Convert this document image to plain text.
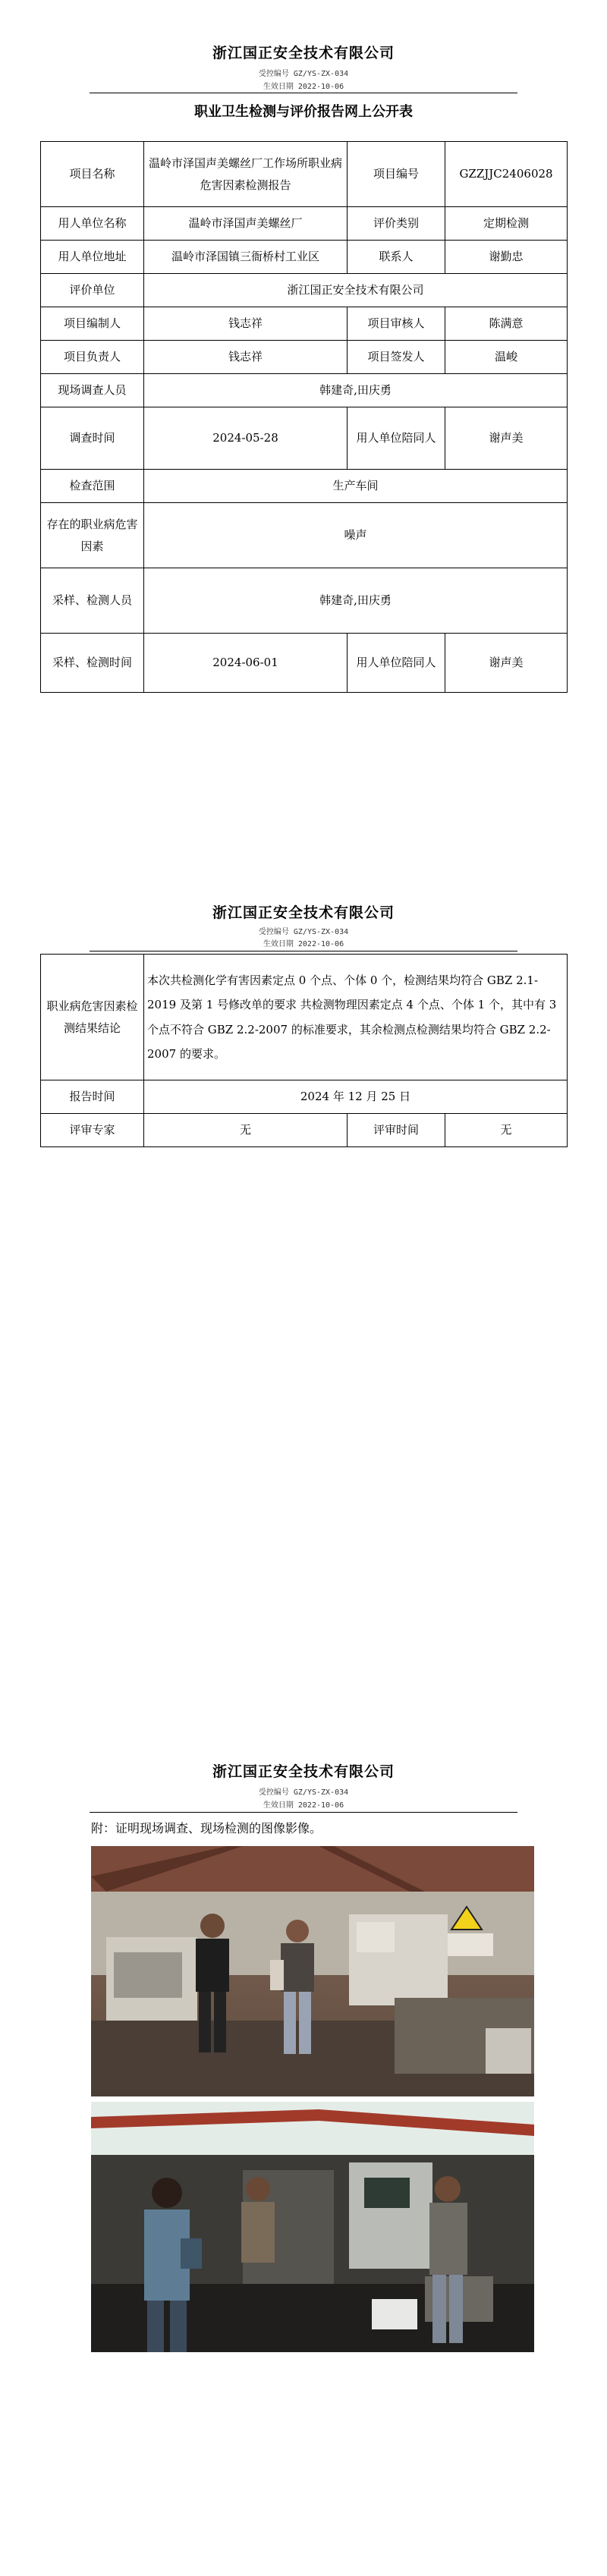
浙江国正安全技术有限公司
受控编号 GZ/YS-ZX-034
生效日期 2022-10-06
职业卫生检测与评价报告网上公开表
项目名称	温岭市泽国声美螺丝厂工作场所职业病危害因素检测报告	项目编号	GZZJJC2406028
用人单位名称	温岭市泽国声美螺丝厂	评价类别	定期检测
用人单位地址	温岭市泽国镇三衙桥村工业区	联系人	谢勤忠
评价单位	浙江国正安全技术有限公司		
项目编制人	钱志祥	项目审核人	陈满意
项目负责人	钱志祥	项目签发人	温峻
现场调查人员	韩建奇,田庆勇		
调查时间	2024-05-28	用人单位陪同人	谢声美
检查范围	生产车间		
存在的职业病危害因素	噪声		
采样、检测人员	韩建奇,田庆勇		
采样、检测时间	2024-06-01	用人单位陪同人	谢声美
浙江国正安全技术有限公司
受控编号 GZ/YS-ZX-034
生效日期 2022-10-06
职业病危害因素检测结果结论	本次共检测化学有害因素定点 0 个点、个体 0 个，检测结果均符合 GBZ 2.1-2019 及第 1 号修改单的要求 共检测物理因素定点 4 个点、个体 1 个，其中有 3 个点不符合 GBZ 2.2-2007 的标准要求，其余检测点检测结果均符合 GBZ 2.2-2007 的要求。		
报告时间	2024 年 12 月 25 日		
评审专家	无	评审时间	无
浙江国正安全技术有限公司
受控编号 GZ/YS-ZX-034
生效日期 2022-10-06
附：证明现场调查、现场检测的图像影像。
